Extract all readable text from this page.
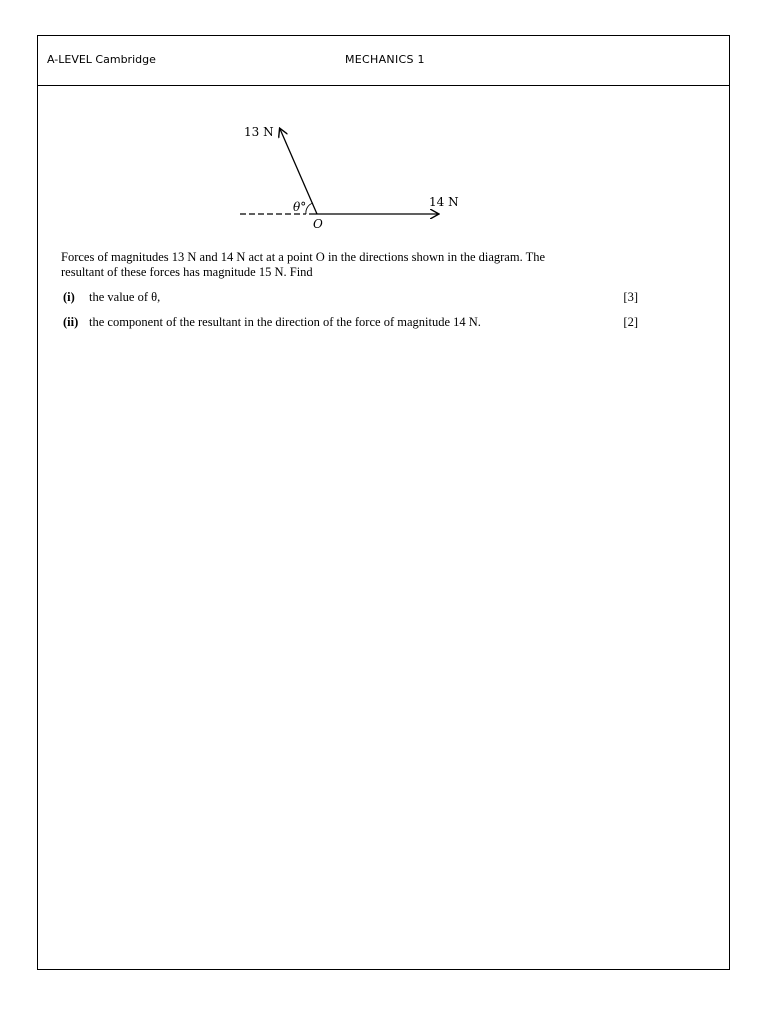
A-LEVEL Cambridge	MECHANICS 1
13 N
14 N
θ°
O
Forces of magnitudes 13 N and 14 N act at a point O in the directions shown in the diagram. The
resultant of these forces has magnitude 15 N. Find
(i) the value of θ,	[3]
(ii) the component of the resultant in the direction of the force of magnitude 14 N.	[2]
